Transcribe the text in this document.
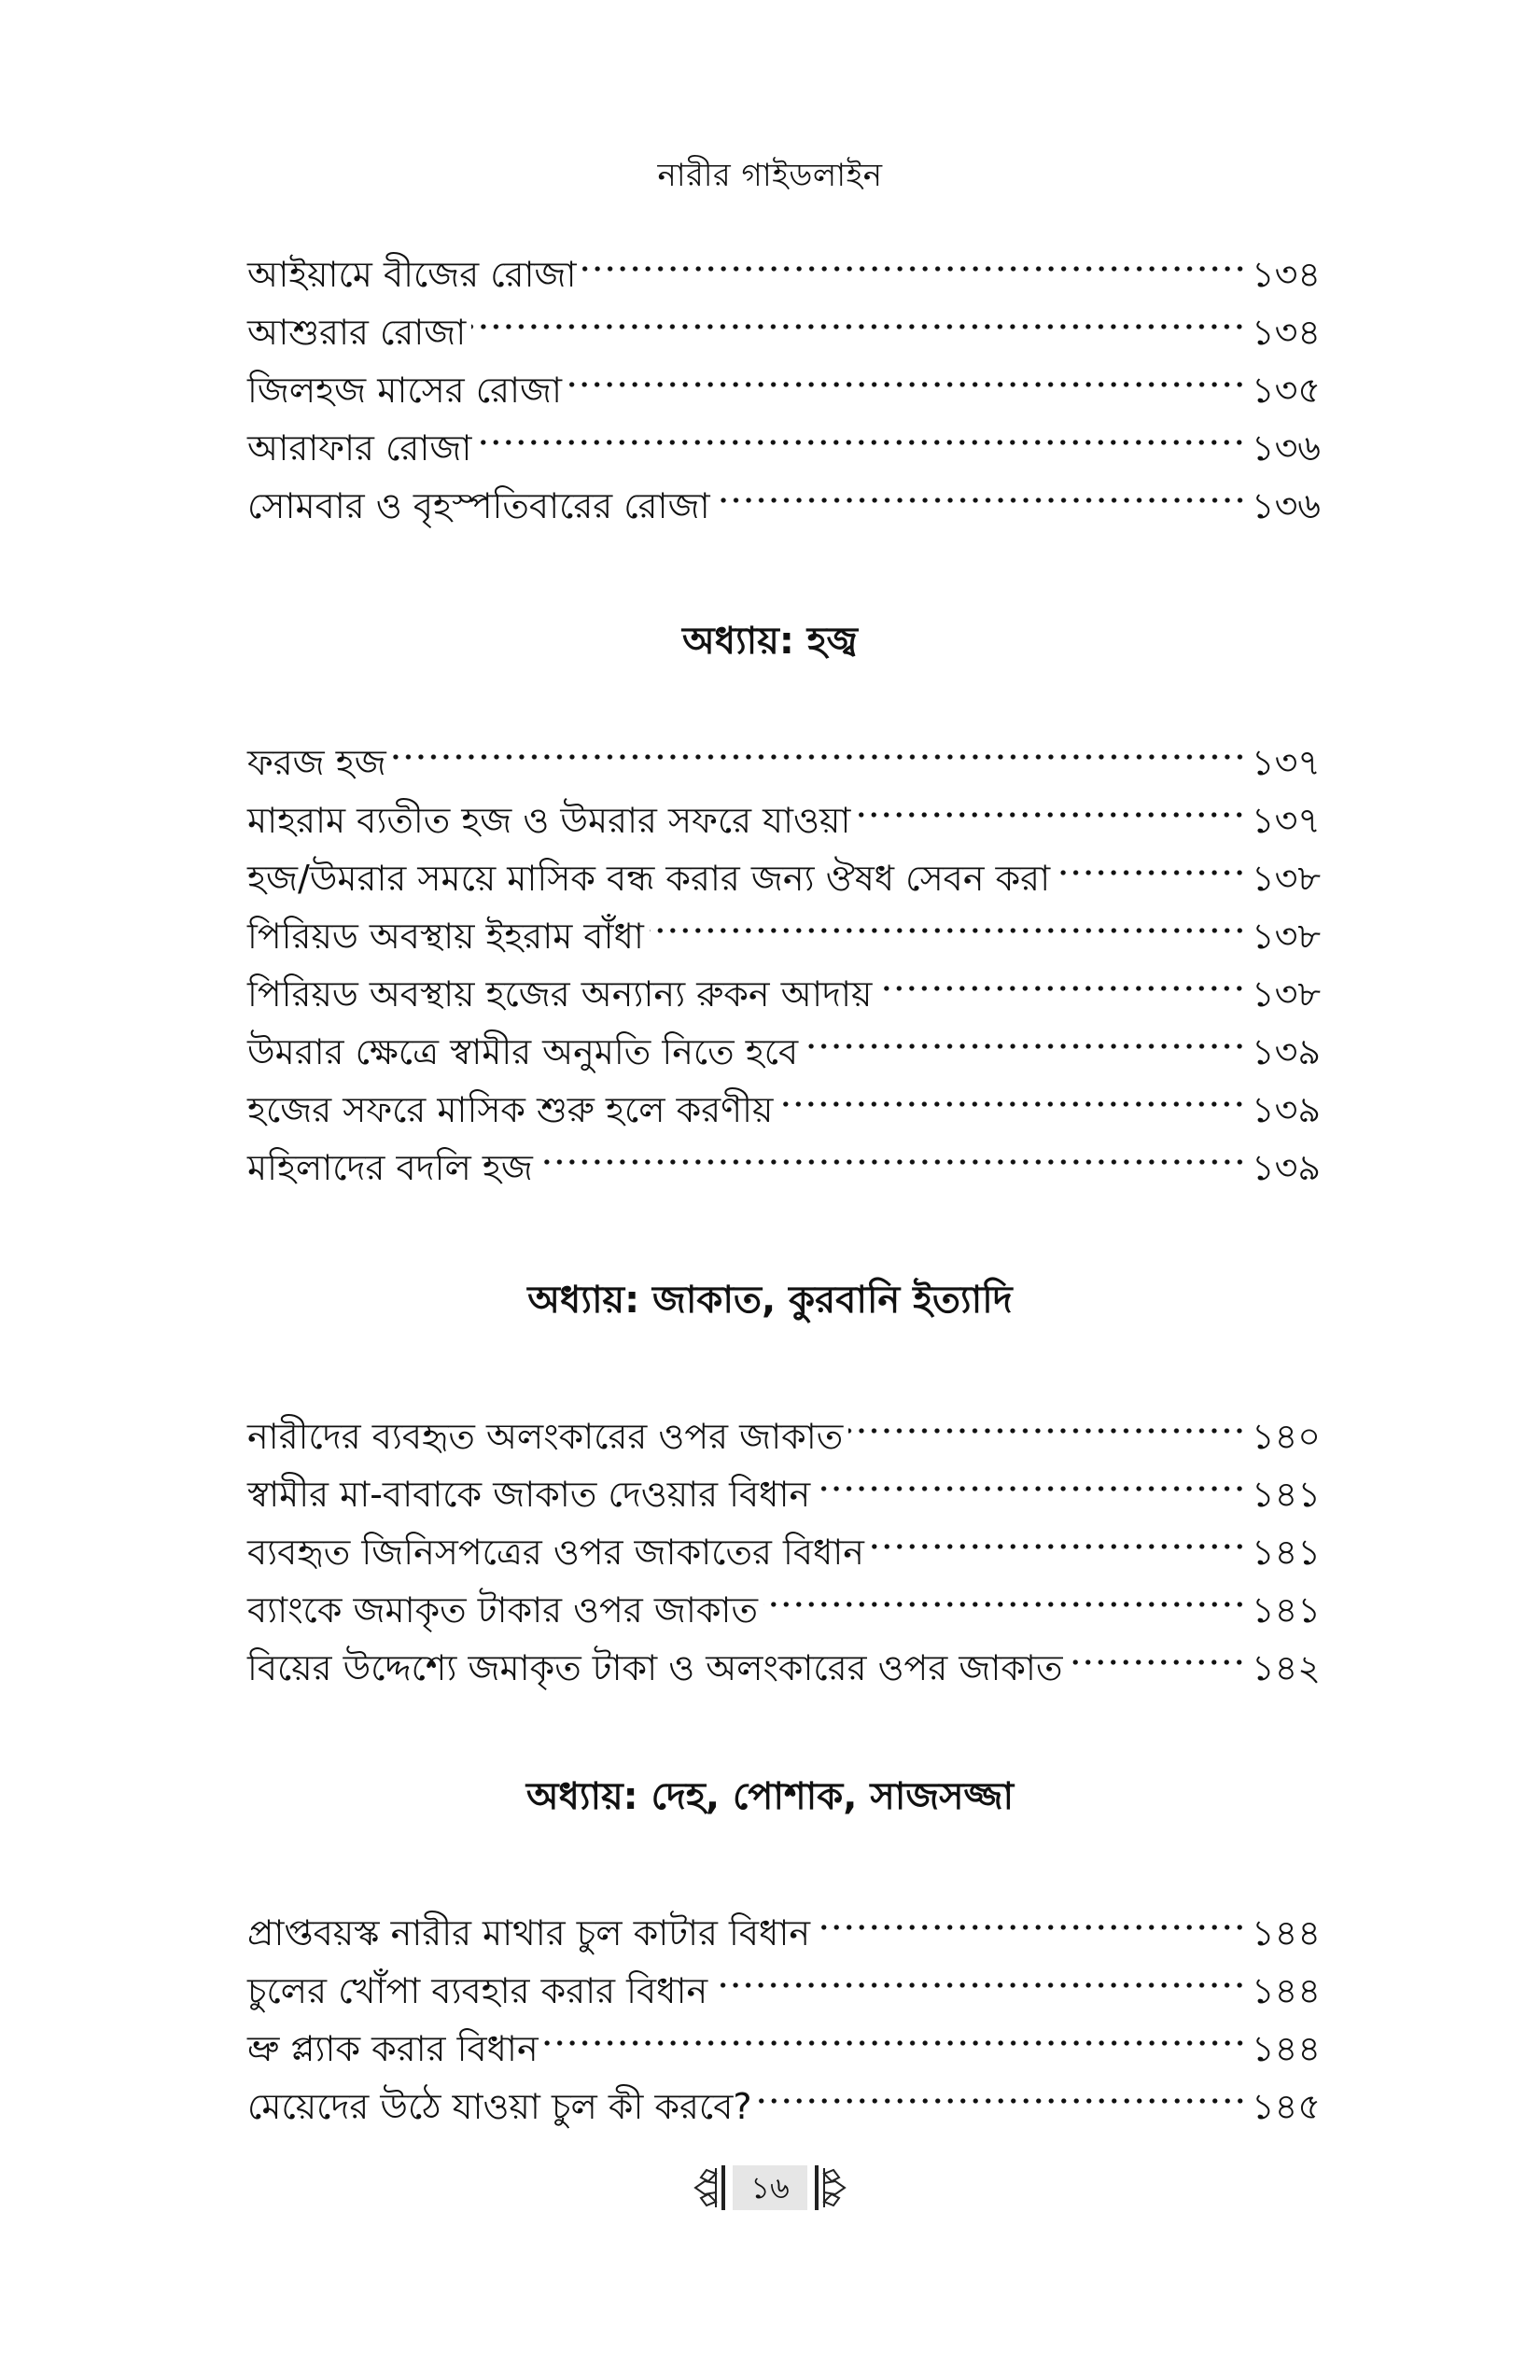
নারীর গাইডলাইন
আইয়ামে বীজের রোজা	১৩৪
আশুরার রোজা	১৩৪
জিলহজ মাসের রোজা	১৩৫
আরাফার রোজা	১৩৬
সোমবার ও বৃহস্পতিবারের রোজা	১৩৬
অধ্যায়: হজ্ব
ফরজ হজ	১৩৭
মাহরাম ব্যতীত হজ ও উমরার সফরে যাওয়া	১৩৭
হজ/উমরার সময়ে মাসিক বন্ধ করার জন্য ঔষধ সেবন করা	১৩৮
পিরিয়ড অবস্থায় ইহরাম বাঁধা	১৩৮
পিরিয়ড অবস্থায় হজের অন্যান্য রুকন আদায়	১৩৮
উমরার ক্ষেত্রে স্বামীর অনুমতি নিতে হবে	১৩৯
হজের সফরে মাসিক শুরু হলে করণীয়	১৩৯
মহিলাদের বদলি হজ	১৩৯
অধ্যায়: জাকাত, কুরবানি ইত্যাদি
নারীদের ব্যবহৃত অলংকারের ওপর জাকাত	১৪০
স্বামীর মা-বাবাকে জাকাত দেওয়ার বিধান	১৪১
ব্যবহৃত জিনিসপত্রের ওপর জাকাতের বিধান	১৪১
ব্যাংকে জমাকৃত টাকার ওপর জাকাত	১৪১
বিয়ের উদ্দেশ্যে জমাকৃত টাকা ও অলংকারের ওপর জাকাত	১৪২
অধ্যায়: দেহ, পোশাক, সাজসজ্জা
প্রাপ্তবয়স্ক নারীর মাথার চুল কাটার বিধান	১৪৪
চুলের খোঁপা ব্যবহার করার বিধান	১৪৪
ভ্রু প্ল্যাক করার বিধান	১৪৪
মেয়েদের উঠে যাওয়া চুল কী করবে?	১৪৫
১৬
